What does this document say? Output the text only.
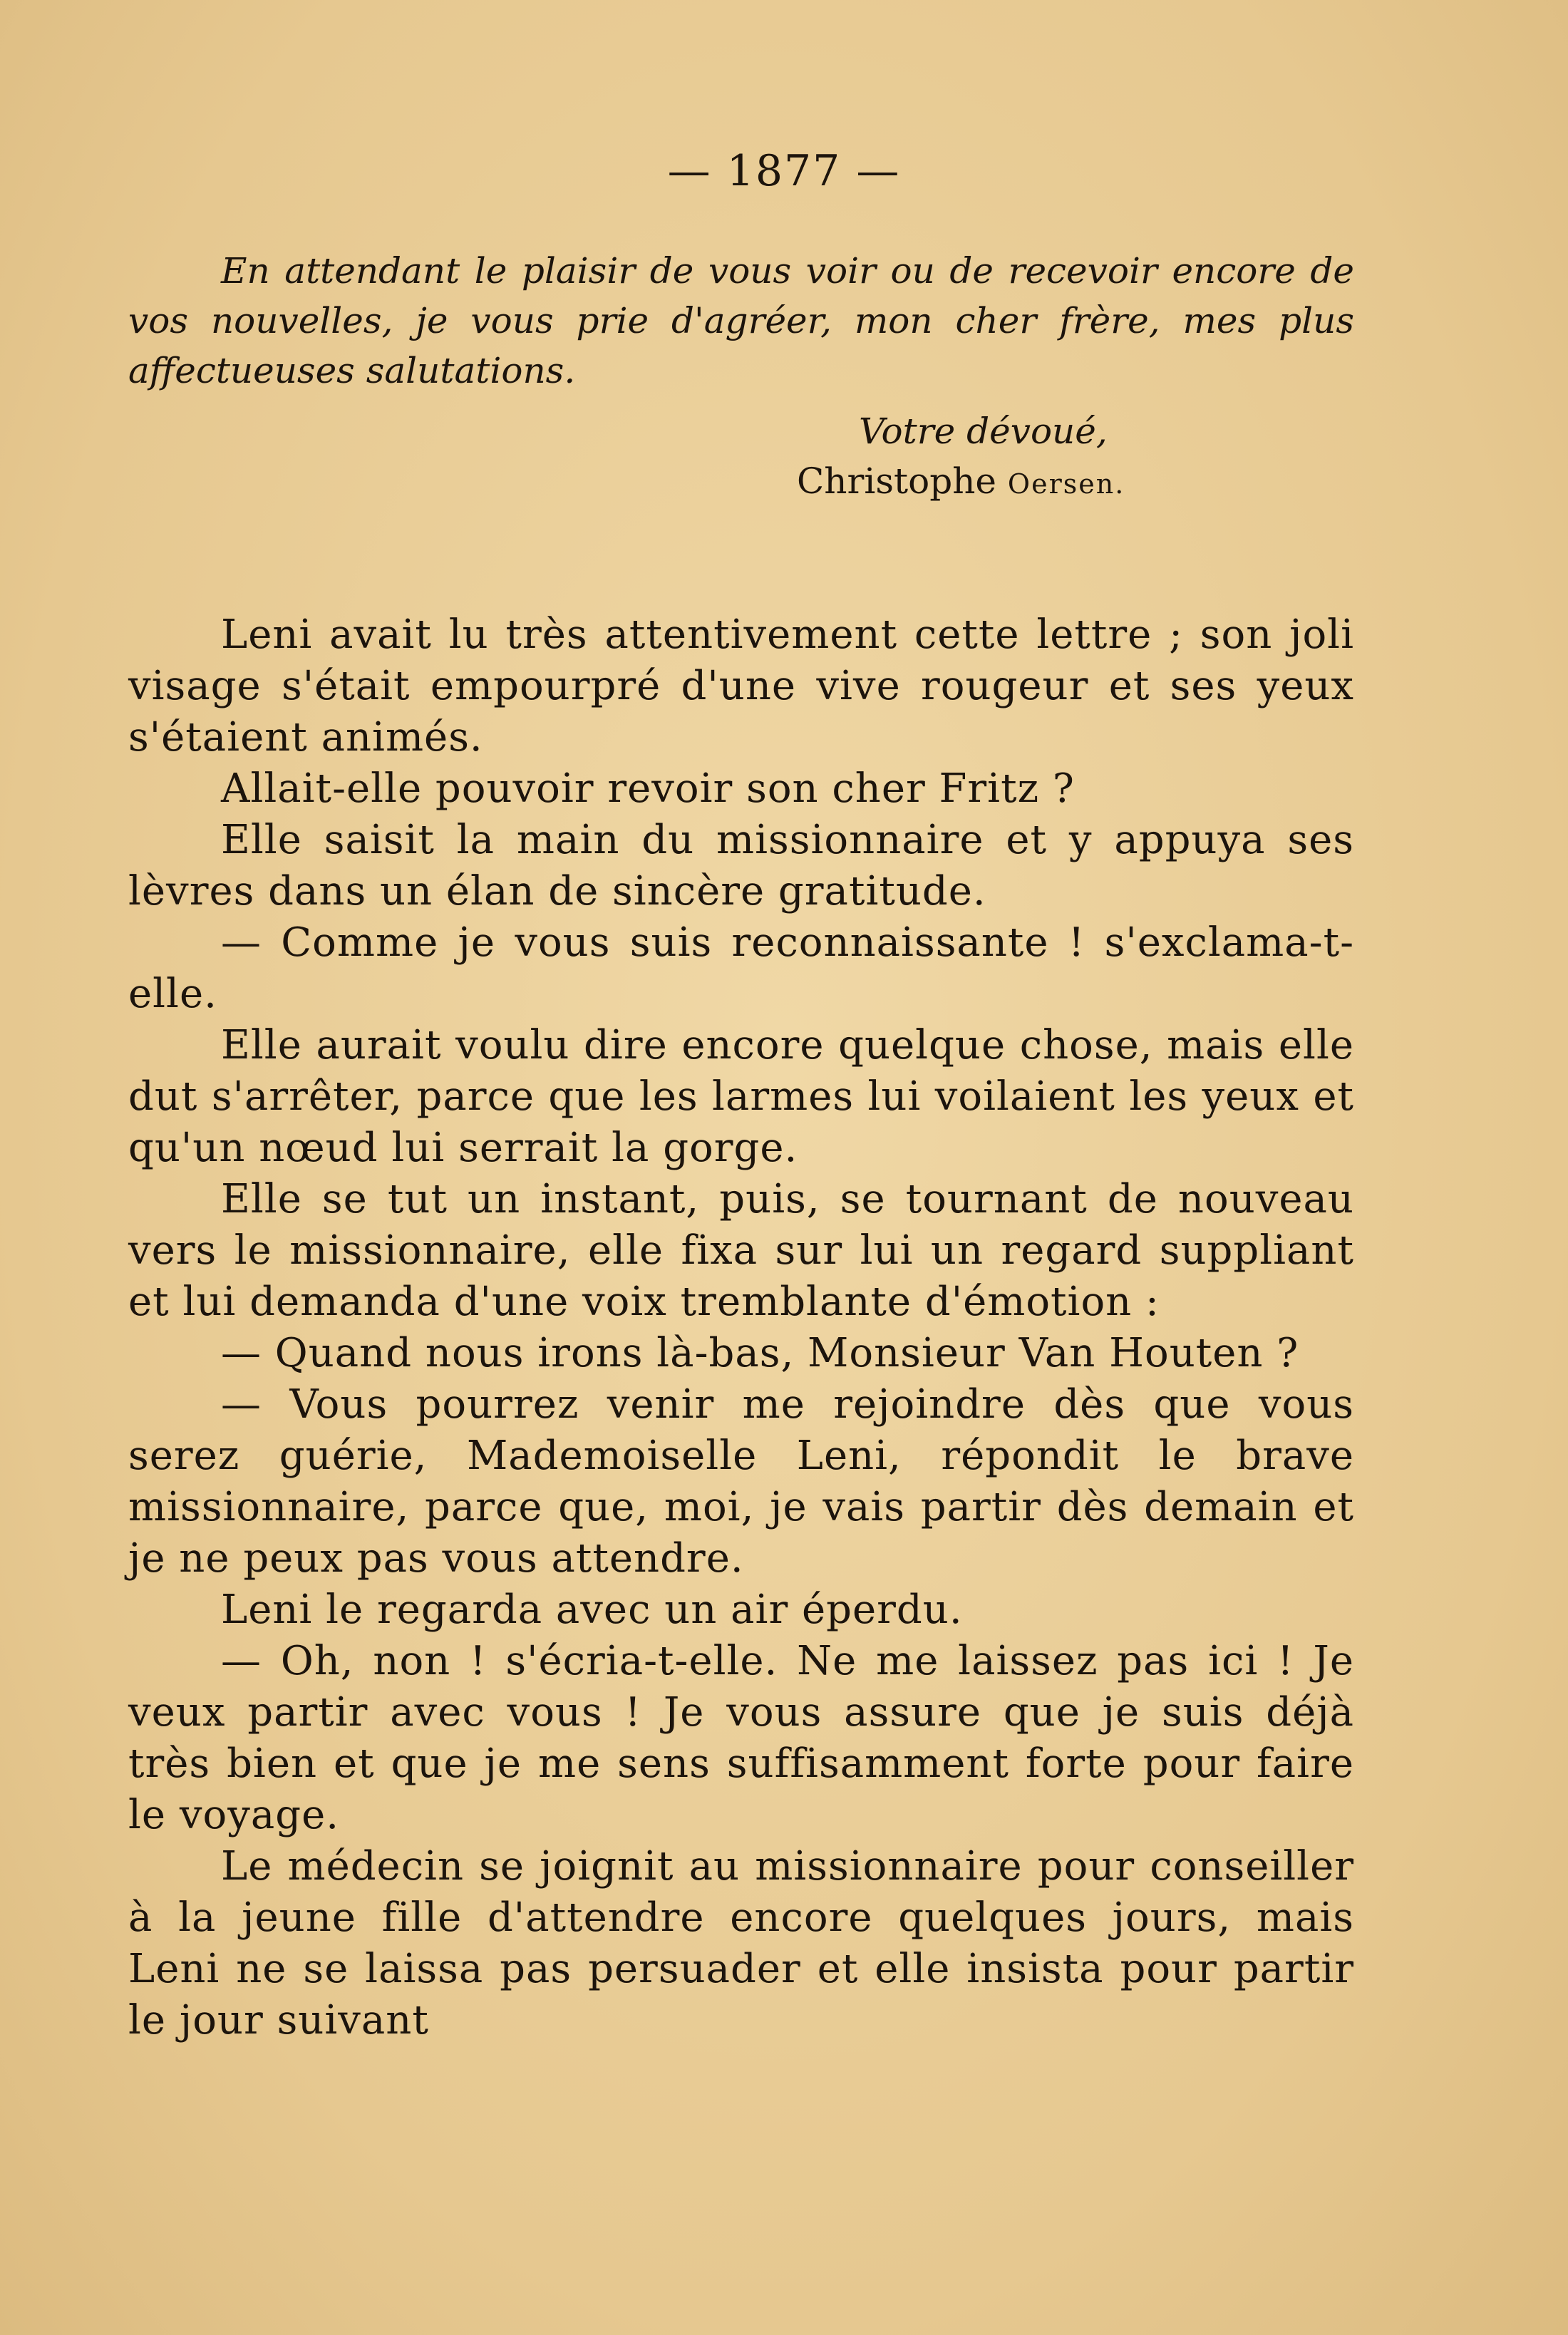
— 1877 —

En attendant le plaisir de vous voir ou de recevoir encore de vos nouvelles, je vous prie d'agréer, mon cher frère, mes plus affectueuses salutations.

Votre dévoué,
Christophe Oersen.

Leni avait lu très attentivement cette lettre ; son joli visage s'était empourpré d'une vive rougeur et ses yeux s'étaient animés.

Allait-elle pouvoir revoir son cher Fritz ?

Elle saisit la main du missionnaire et y appuya ses lèvres dans un élan de sincère gratitude.

— Comme je vous suis reconnaissante ! s'exclama-t-elle.

Elle aurait voulu dire encore quelque chose, mais elle dut s'arrêter, parce que les larmes lui voilaient les yeux et qu'un nœud lui serrait la gorge.

Elle se tut un instant, puis, se tournant de nouveau vers le missionnaire, elle fixa sur lui un regard suppliant et lui demanda d'une voix tremblante d'émotion :

— Quand nous irons là-bas, Monsieur Van Houten ?

— Vous pourrez venir me rejoindre dès que vous serez guérie, Mademoiselle Leni, répondit le brave missionnaire, parce que, moi, je vais partir dès demain et je ne peux pas vous attendre.

Leni le regarda avec un air éperdu.

— Oh, non ! s'écria-t-elle. Ne me laissez pas ici ! Je veux partir avec vous ! Je vous assure que je suis déjà très bien et que je me sens suffisamment forte pour faire le voyage.

Le médecin se joignit au missionnaire pour conseiller à la jeune fille d'attendre encore quelques jours, mais Leni ne se laissa pas persuader et elle insista pour partir le jour suivant
